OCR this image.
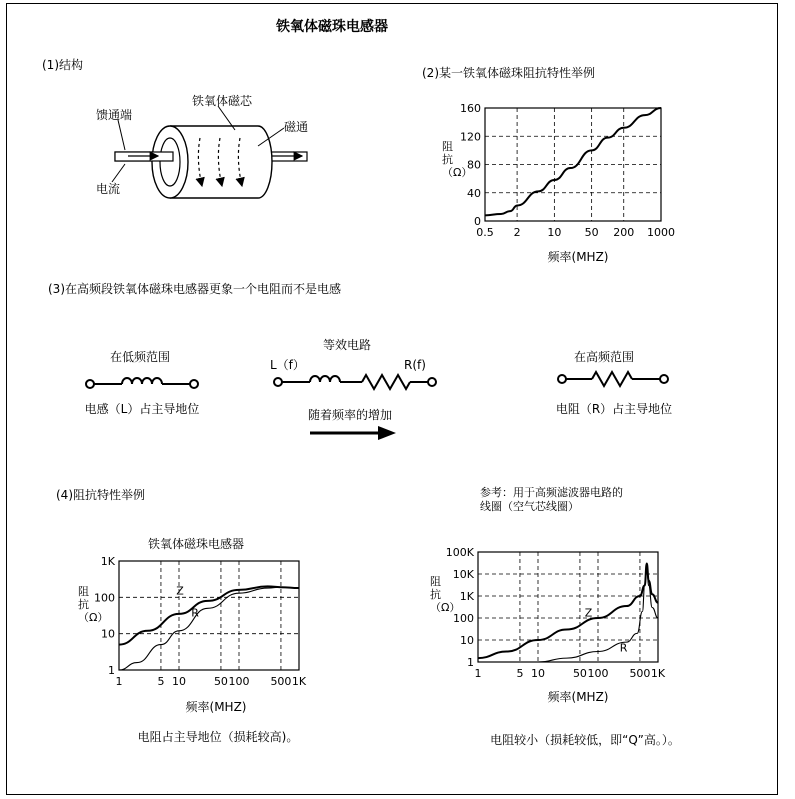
铁氧体磁珠电感器
(1)结构
馈通端
铁氧体磁芯
磁通
电流
(2)某一铁氧体磁珠阻抗特性举例
0.5 2 10 50 200 1000
0
40
80
120
160
阻抗（Ω）
频率(MHZ)
(3)在高频段铁氧体磁珠电感器更象一个电阻而不是电感
在低频范围
电感（L）占主导地位
等效电路
L（f）	R(f)
随着频率的增加
在高频范围
电阻（R）占主导地位
(4)阻抗特性举例
铁氧体磁珠电感器
参考：用于高频滤波器电路的
线圈（空气芯线圈）
1	5 10	50 100 500 1K
1
10
100
1K
Z
R
1	5 10	50 100 500 1K
1
10
100
1K
10K
100K
Z
R
阻抗（Ω）
频率(MHZ)
阻抗（Ω）
频率(MHZ)
电阻占主导地位（损耗较高)。	电阻较小（损耗较低，即“Q”高。）。
